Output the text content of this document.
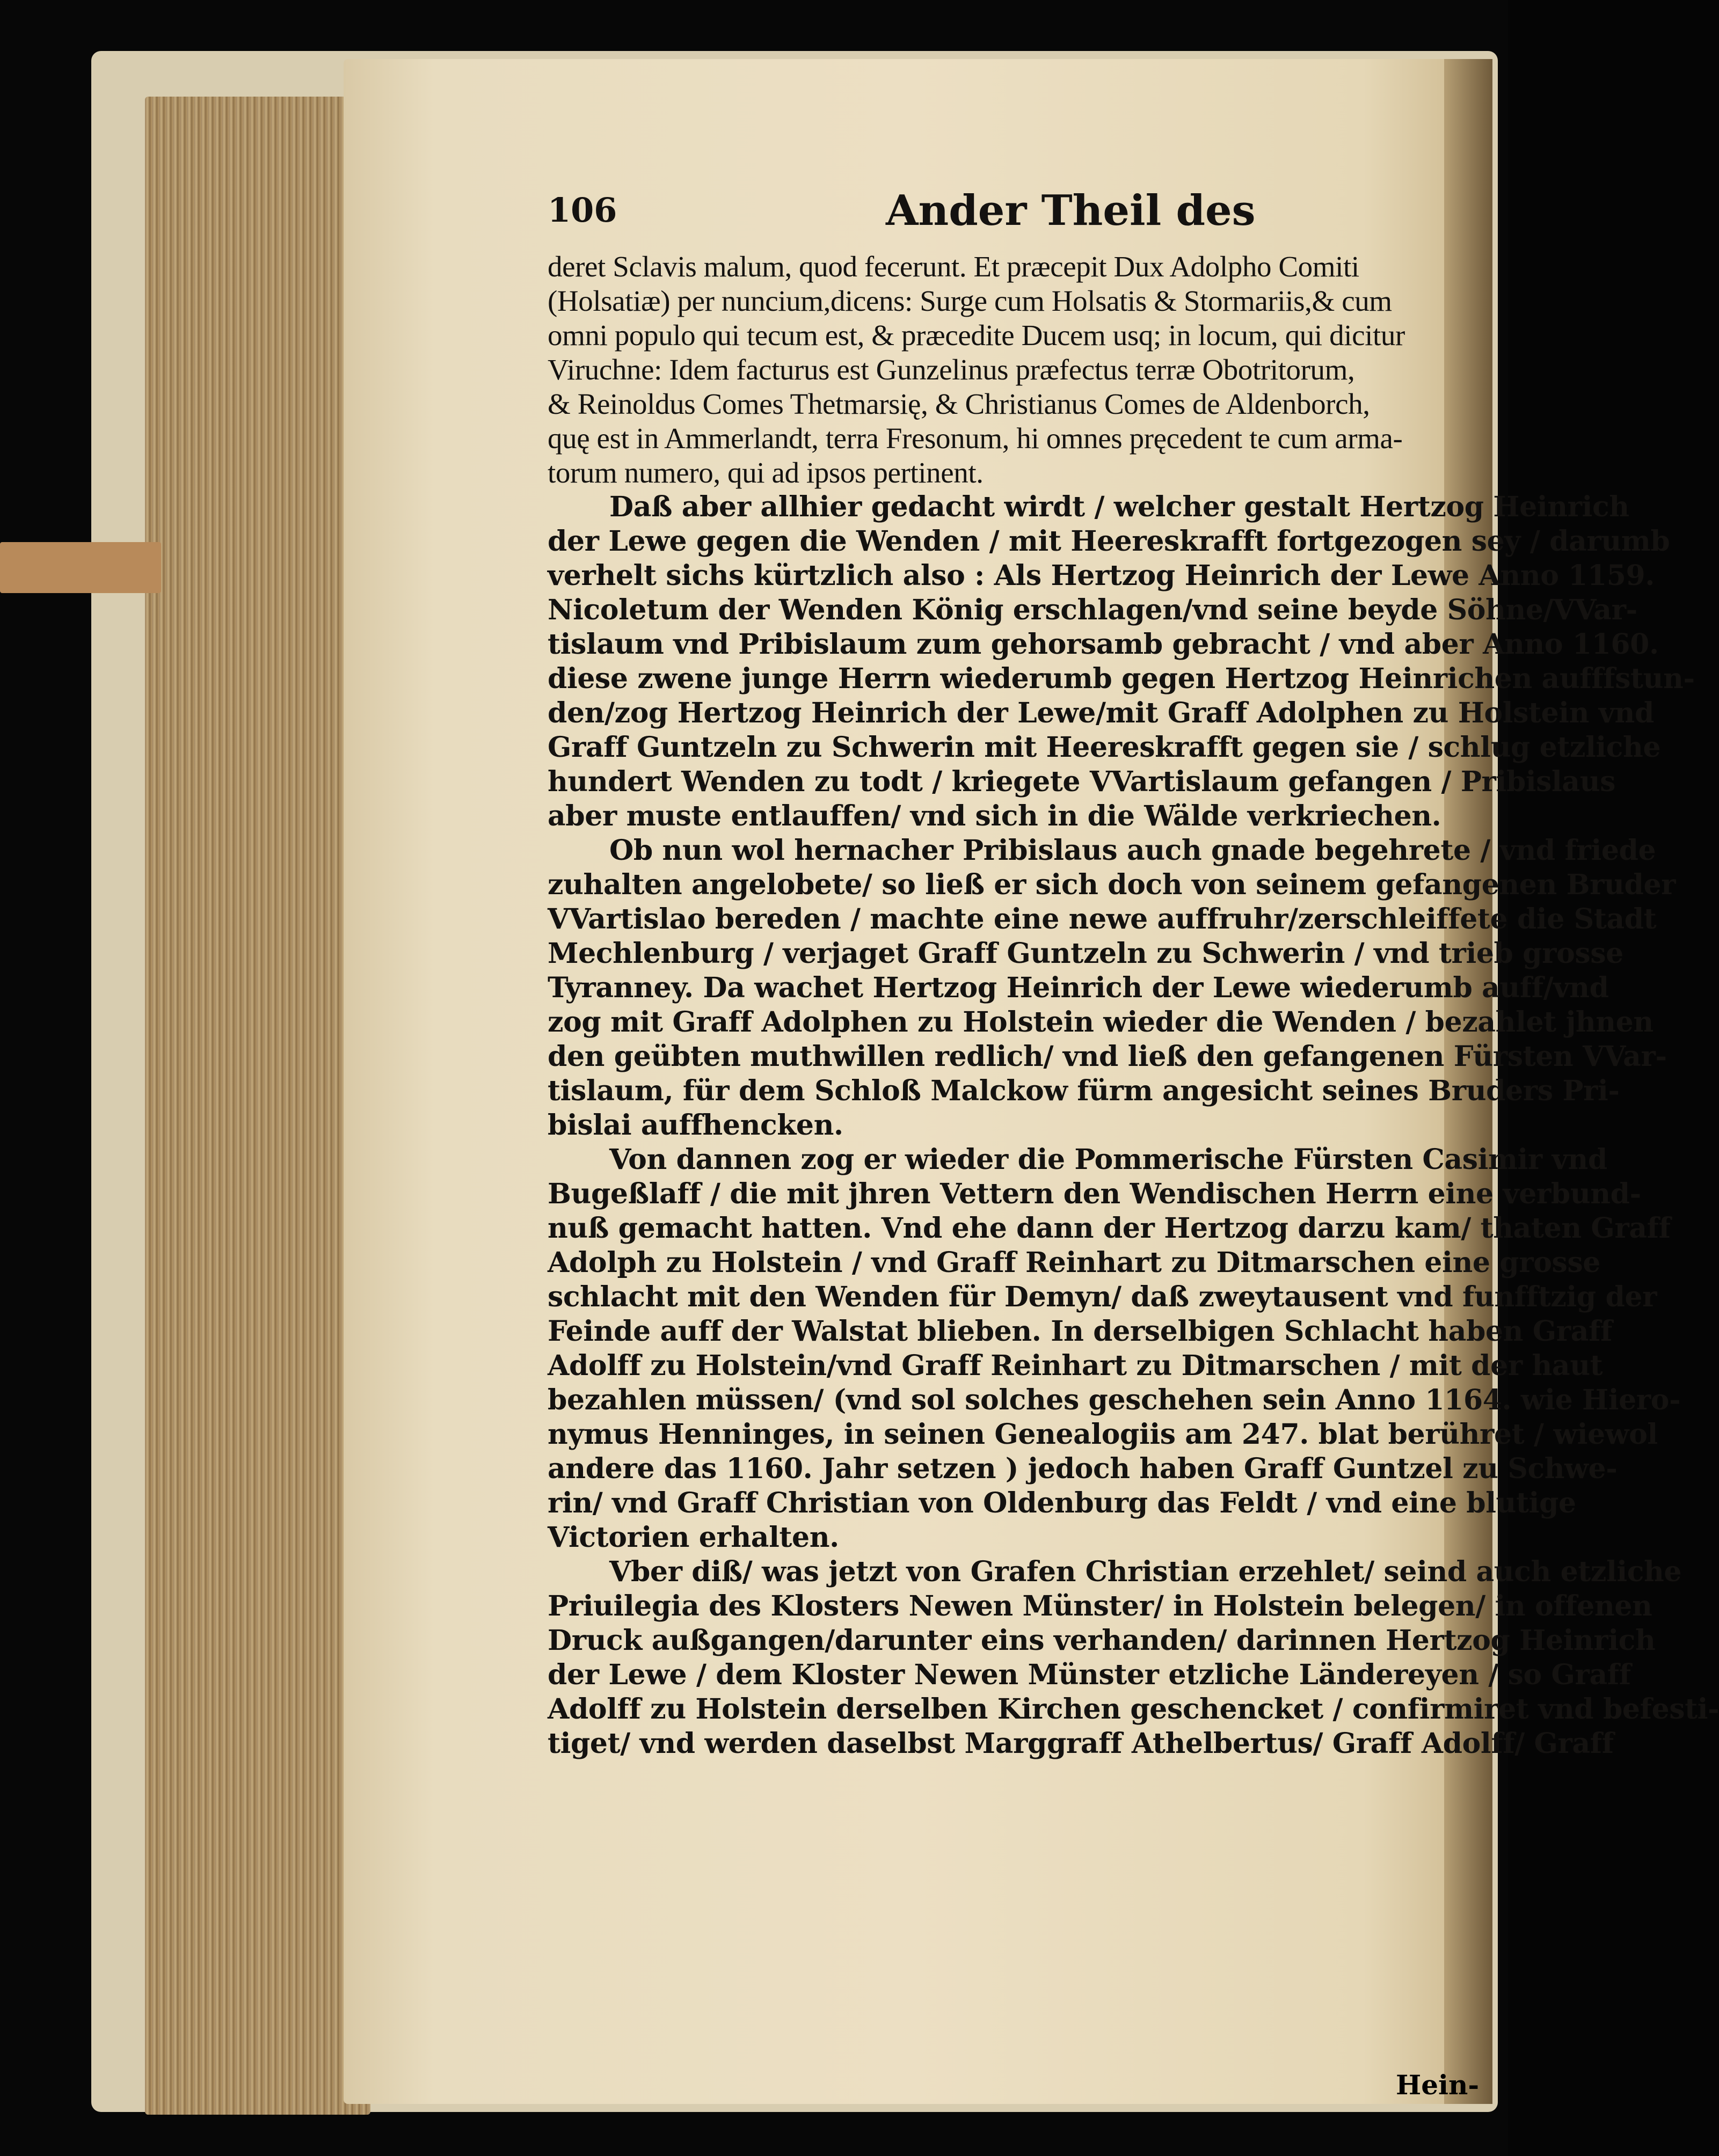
106	Ander Theil des
deret Sclavis malum, quod fecerunt. Et præcepit Dux Adolpho Comiti
(Holsatiæ) per nuncium,dicens: Surge cum Holsatis & Stormariis,& cum
omni populo qui tecum est, & præcedite Ducem usq; in locum, qui dicitur
Viruchne: Idem facturus est Gunzelinus præfectus terræ Obotritorum,
& Reinoldus Comes Thetmarsię, & Christianus Comes de Aldenborch,
quę est in Ammerlandt, terra Fresonum, hi omnes pręcedent te cum arma-
torum numero, qui ad ipsos pertinent.
Daß aber allhier gedacht wirdt / welcher gestalt Hertzog Heinrich
der Lewe gegen die Wenden / mit Heereskrafft fortgezogen sey / darumb
verhelt sichs kürtzlich also : Als Hertzog Heinrich der Lewe Anno 1159.
Nicoletum der Wenden König erschlagen/vnd seine beyde Söhne/VVar-
tislaum vnd Pribislaum zum gehorsamb gebracht / vnd aber Anno 1160.
diese zwene junge Herrn wiederumb gegen Hertzog Heinrichen aufffstun-
den/zog Hertzog Heinrich der Lewe/mit Graff Adolphen zu Holstein vnd
Graff Guntzeln zu Schwerin mit Heereskrafft gegen sie / schlug etzliche
hundert Wenden zu todt / kriegete VVartislaum gefangen / Pribislaus
aber muste entlauffen/ vnd sich in die Wälde verkriechen.
Ob nun wol hernacher Pribislaus auch gnade begehrete / vnd friede
zuhalten angelobete/ so ließ er sich doch von seinem gefangenen Bruder
VVartislao bereden / machte eine newe auffruhr/zerschleiffete die Stadt
Mechlenburg / verjaget Graff Guntzeln zu Schwerin / vnd trieb grosse
Tyranney. Da wachet Hertzog Heinrich der Lewe wiederumb auff/vnd
zog mit Graff Adolphen zu Holstein wieder die Wenden / bezahlet jhnen
den geübten muthwillen redlich/ vnd ließ den gefangenen Fürsten VVar-
tislaum, für dem Schloß Malckow fürm angesicht seines Bruders Pri-
bislai auffhencken.
Von dannen zog er wieder die Pommerische Fürsten Casimir vnd
Bugeßlaff / die mit jhren Vettern den Wendischen Herrn eine verbund-
nuß gemacht hatten. Vnd ehe dann der Hertzog darzu kam/ thaten Graff
Adolph zu Holstein / vnd Graff Reinhart zu Ditmarschen eine grosse
schlacht mit den Wenden für Demyn/ daß zweytausent vnd funfftzig der
Feinde auff der Walstat blieben. In derselbigen Schlacht haben Graff
Adolff zu Holstein/vnd Graff Reinhart zu Ditmarschen / mit der haut
bezahlen müssen/ (vnd sol solches geschehen sein Anno 1164. wie Hiero-
nymus Henninges, in seinen Genealogiis am 247. blat berühret / wiewol
andere das 1160. Jahr setzen ) jedoch haben Graff Guntzel zu Schwe-
rin/ vnd Graff Christian von Oldenburg das Feldt / vnd eine blutige
Victorien erhalten.
Vber diß/ was jetzt von Grafen Christian erzehlet/ seind auch etzliche
Priuilegia des Klosters Newen Münster/ in Holstein belegen/ in offenen
Druck außgangen/darunter eins verhanden/ darinnen Hertzog Heinrich
der Lewe / dem Kloster Newen Münster etzliche Ländereyen / so Graff
Adolff zu Holstein derselben Kirchen geschencket / confirmiret vnd befesti-
tiget/ vnd werden daselbst Marggraff Athelbertus/ Graff Adolff/ Graff
Hein-
